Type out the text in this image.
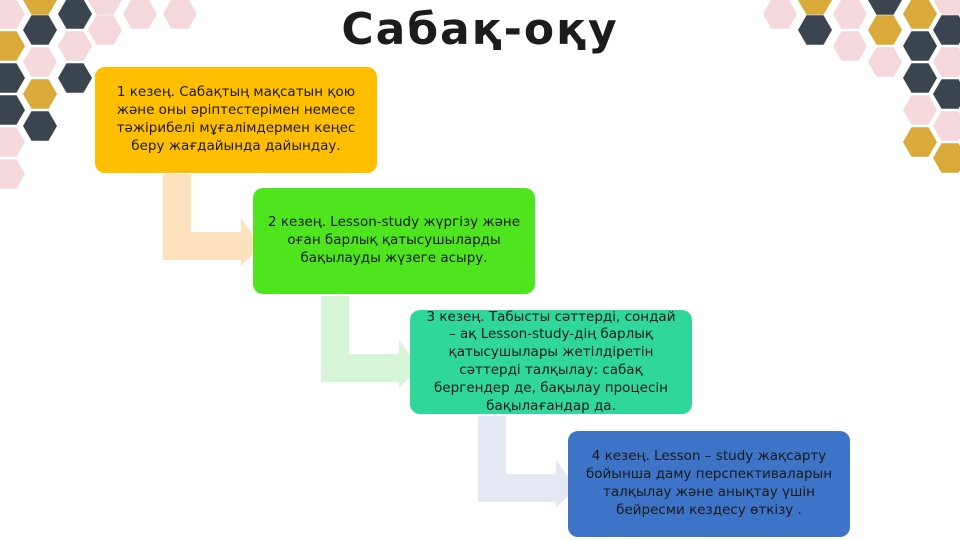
Сабақ-оқу
1 кезең. Сабақтың мақсатын қою және оны әріптестерімен немесе тәжірибелі мұғалімдермен кеңес беру жағдайында дайындау.
2 кезең. Lesson-study жүргізу және оған барлық қатысушыларды бақылауды жүзеге асыру.
3 кезең. Табысты сәттерді, сондай – ақ Lesson-study-дің барлық қатысушылары жетілдіретін сәттерді талқылау: сабақ бергендер де, бақылау процесін бақылағандар да.
4 кезең. Lesson – study жақсарту бойынша даму перспективаларын талқылау және анықтау үшін бейресми кездесу өткізу .
